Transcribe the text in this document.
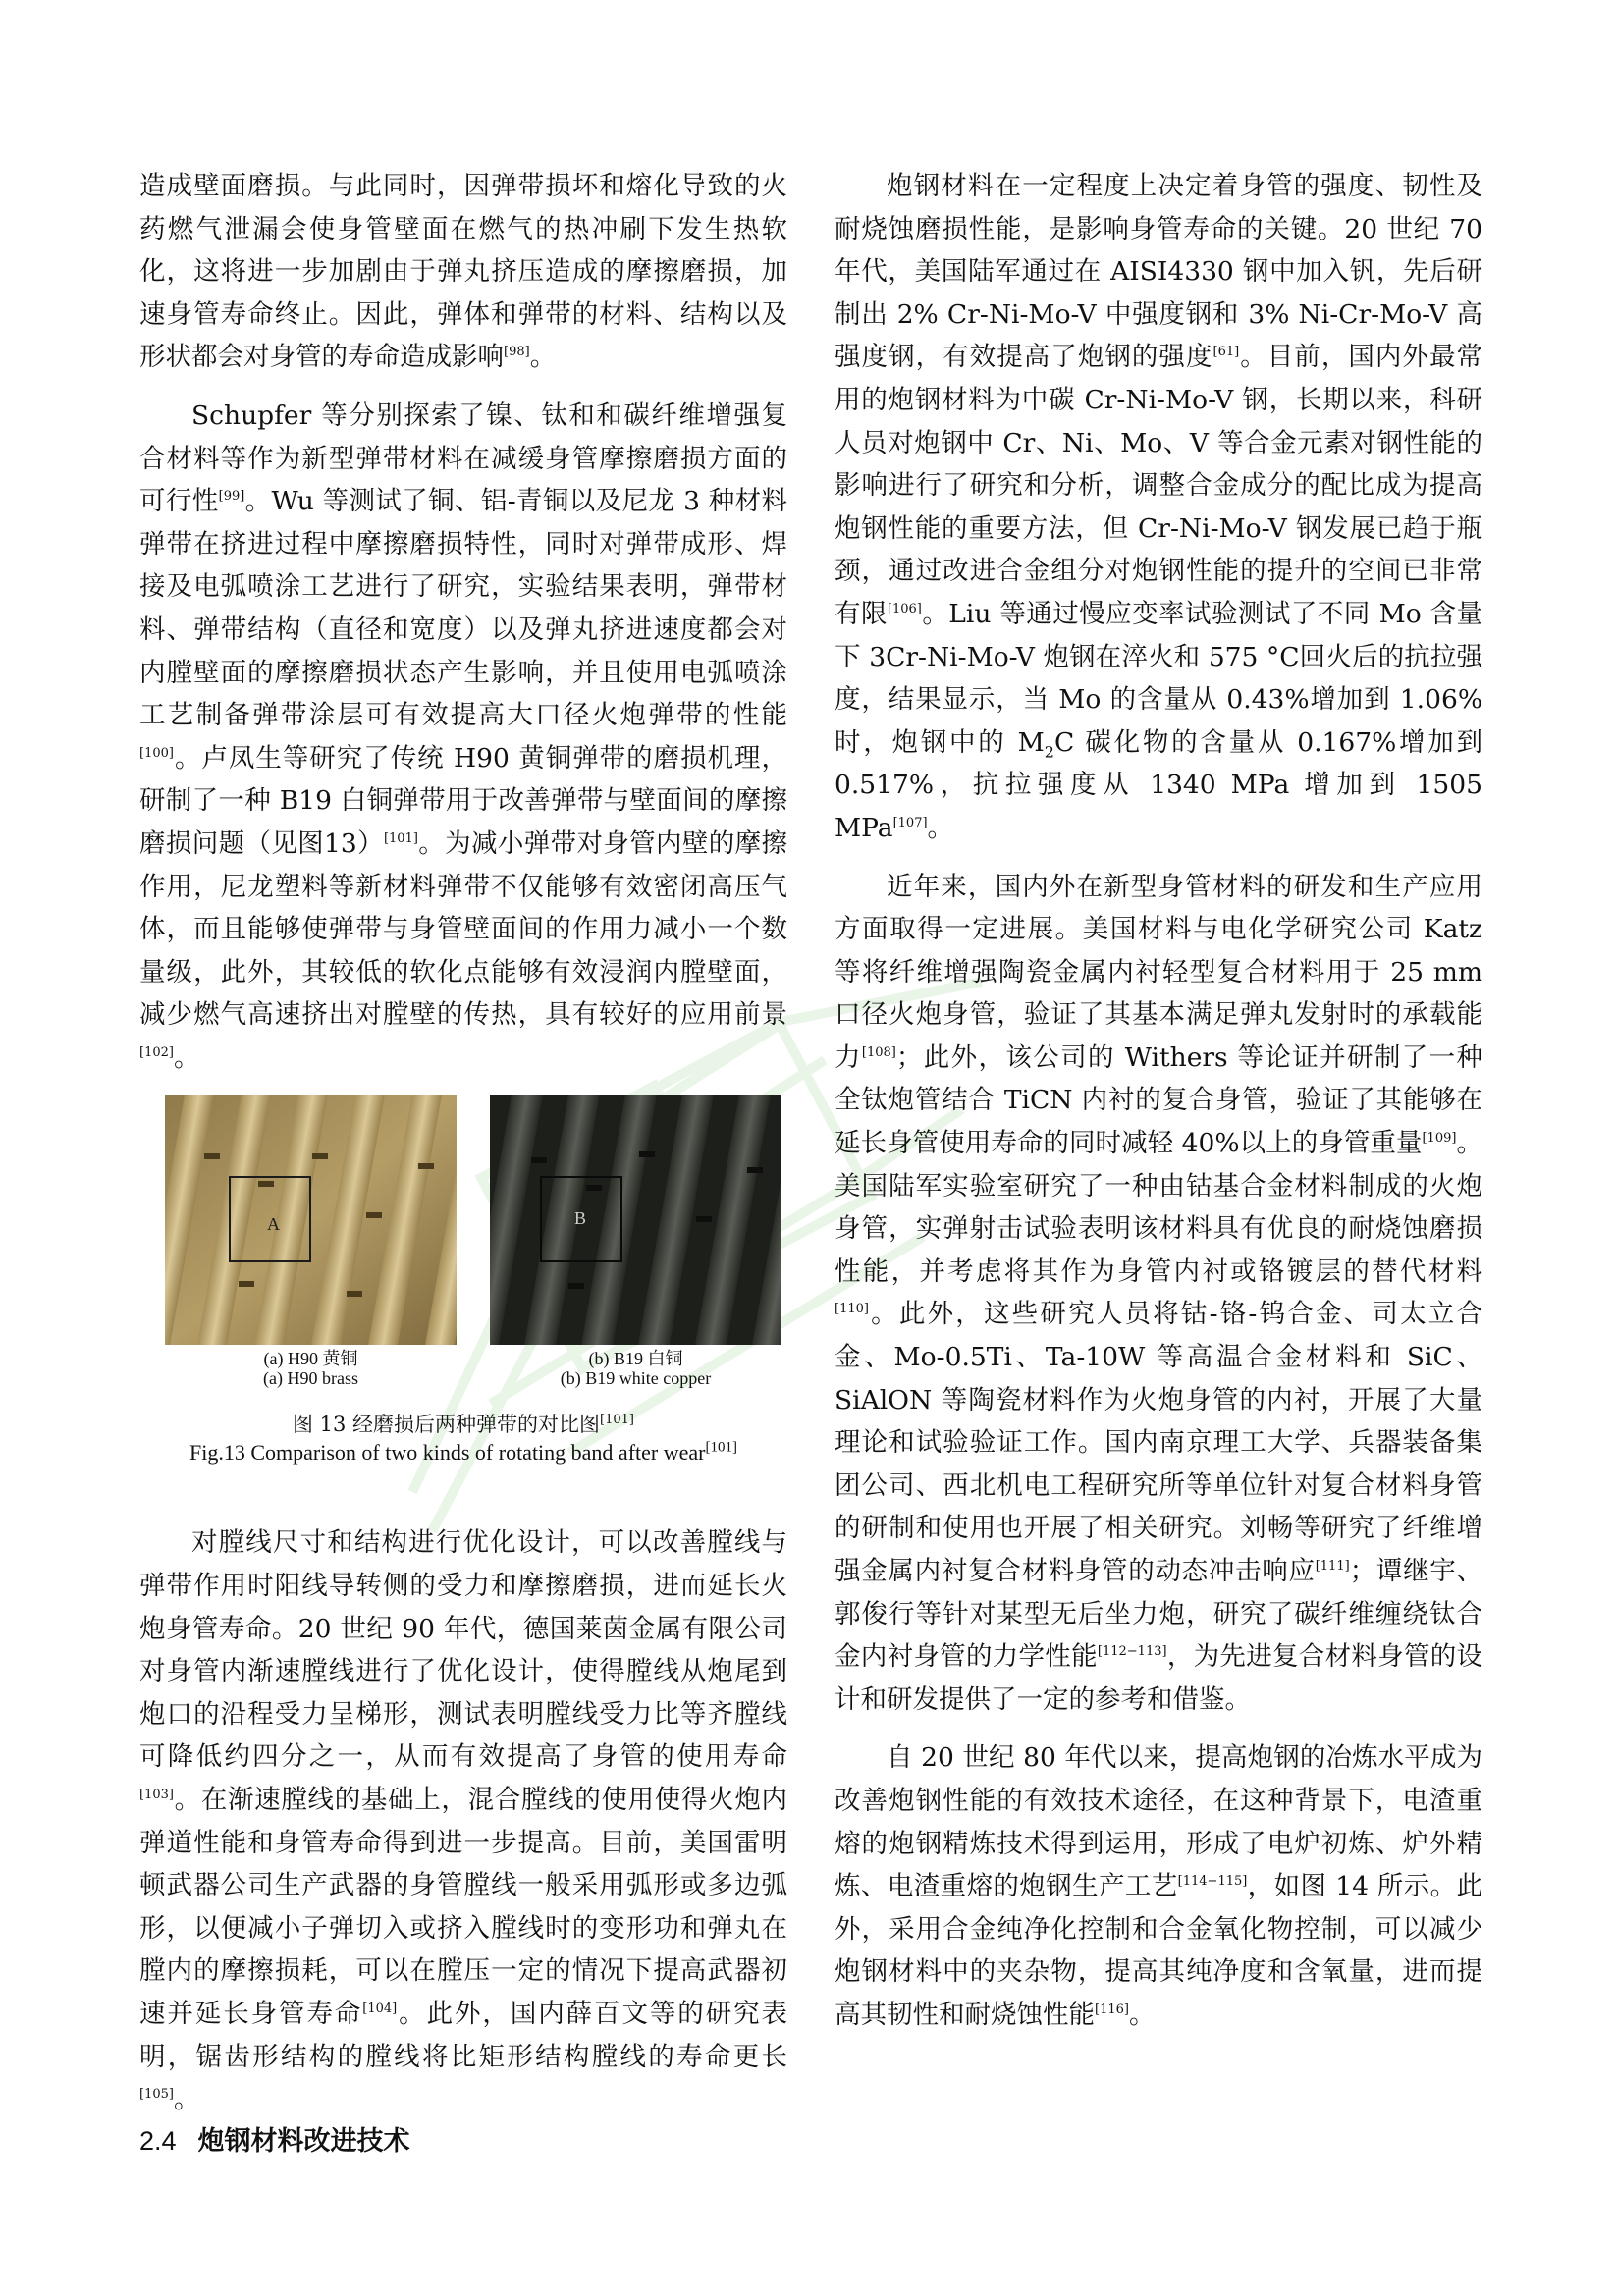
造成壁面磨损。与此同时，因弹带损坏和熔化导致的火药燃气泄漏会使身管壁面在燃气的热冲刷下发生热软化，这将进一步加剧由于弹丸挤压造成的摩擦磨损，加速身管寿命终止。因此，弹体和弹带的材料、结构以及形状都会对身管的寿命造成影响[98]。

Schupfer 等分别探索了镍、钛和和碳纤维增强复合材料等作为新型弹带材料在减缓身管摩擦磨损方面的可行性[99]。Wu 等测试了铜、铝-青铜以及尼龙 3 种材料弹带在挤进过程中摩擦磨损特性，同时对弹带成形、焊接及电弧喷涂工艺进行了研究，实验结果表明，弹带材料、弹带结构（直径和宽度）以及弹丸挤进速度都会对内膛壁面的摩擦磨损状态产生影响，并且使用电弧喷涂工艺制备弹带涂层可有效提高大口径火炮弹带的性能[100]。卢凤生等研究了传统 H90 黄铜弹带的磨损机理，研制了一种 B19 白铜弹带用于改善弹带与壁面间的摩擦磨损问题（见图13）[101]。为减小弹带对身管内壁的摩擦作用，尼龙塑料等新材料弹带不仅能够有效密闭高压气体，而且能够使弹带与身管壁面间的作用力减小一个数量级，此外，其较低的软化点能够有效浸润内膛壁面，减少燃气高速挤出对膛壁的传热，具有较好的应用前景[102]。

A	B
(a) H90 黄铜
(a) H90 brass
(b) B19 白铜
(b) B19 white copper
图 13 经磨损后两种弹带的对比图[101]
Fig.13 Comparison of two kinds of rotating band after wear[101]

对膛线尺寸和结构进行优化设计，可以改善膛线与弹带作用时阳线导转侧的受力和摩擦磨损，进而延长火炮身管寿命。20 世纪 90 年代，德国莱茵金属有限公司对身管内渐速膛线进行了优化设计，使得膛线从炮尾到炮口的沿程受力呈梯形，测试表明膛线受力比等齐膛线可降低约四分之一，从而有效提高了身管的使用寿命[103]。在渐速膛线的基础上，混合膛线的使用使得火炮内弹道性能和身管寿命得到进一步提高。目前，美国雷明顿武器公司生产武器的身管膛线一般采用弧形或多边弧形，以便减小子弹切入或挤入膛线时的变形功和弹丸在膛内的摩擦损耗，可以在膛压一定的情况下提高武器初速并延长身管寿命[104]。此外，国内薛百文等的研究表明，锯齿形结构的膛线将比矩形结构膛线的寿命更长[105]。

2.4 炮钢材料改进技术

炮钢材料在一定程度上决定着身管的强度、韧性及耐烧蚀磨损性能，是影响身管寿命的关键。20 世纪 70 年代，美国陆军通过在 AISI4330 钢中加入钒，先后研制出 2% Cr-Ni-Mo-V 中强度钢和 3% Ni-Cr-Mo-V 高强度钢，有效提高了炮钢的强度[61]。目前，国内外最常用的炮钢材料为中碳 Cr-Ni-Mo-V 钢，长期以来，科研人员对炮钢中 Cr、Ni、Mo、V 等合金元素对钢性能的影响进行了研究和分析，调整合金成分的配比成为提高炮钢性能的重要方法，但 Cr-Ni-Mo-V 钢发展已趋于瓶颈，通过改进合金组分对炮钢性能的提升的空间已非常有限[106]。Liu 等通过慢应变率试验测试了不同 Mo 含量下 3Cr-Ni-Mo-V 炮钢在淬火和 575 °C回火后的抗拉强度，结果显示，当 Mo 的含量从 0.43%增加到 1.06%时，炮钢中的 $M_2C$ 碳化物的含量从 0.167%增加到 0.517%，抗拉强度从 1340 MPa 增加到 1505 MPa[107]。

近年来，国内外在新型身管材料的研发和生产应用方面取得一定进展。美国材料与电化学研究公司 Katz 等将纤维增强陶瓷金属内衬轻型复合材料用于 25 mm 口径火炮身管，验证了其基本满足弹丸发射时的承载能力[108]；此外，该公司的 Withers 等论证并研制了一种全钛炮管结合 TiCN 内衬的复合身管，验证了其能够在延长身管使用寿命的同时减轻 40%以上的身管重量[109]。美国陆军实验室研究了一种由钴基合金材料制成的火炮身管，实弹射击试验表明该材料具有优良的耐烧蚀磨损性能，并考虑将其作为身管内衬或铬镀层的替代材料[110]。此外，这些研究人员将钴-铬-钨合金、司太立合金、Mo-0.5Ti、Ta-10W 等高温合金材料和 SiC、SiAlON 等陶瓷材料作为火炮身管的内衬，开展了大量理论和试验验证工作。国内南京理工大学、兵器装备集团公司、西北机电工程研究所等单位针对复合材料身管的研制和使用也开展了相关研究。刘畅等研究了纤维增强金属内衬复合材料身管的动态冲击响应[111]；谭继宇、郭俊行等针对某型无后坐力炮，研究了碳纤维缠绕钛合金内衬身管的力学性能[112−113]，为先进复合材料身管的设计和研发提供了一定的参考和借鉴。

自 20 世纪 80 年代以来，提高炮钢的冶炼水平成为改善炮钢性能的有效技术途径，在这种背景下，电渣重熔的炮钢精炼技术得到运用，形成了电炉初炼、炉外精炼、电渣重熔的炮钢生产工艺[114−115]，如图 14 所示。此外，采用合金纯净化控制和合金氧化物控制，可以减少炮钢材料中的夹杂物，提高其纯净度和含氧量，进而提高其韧性和耐烧蚀性能[116]。
